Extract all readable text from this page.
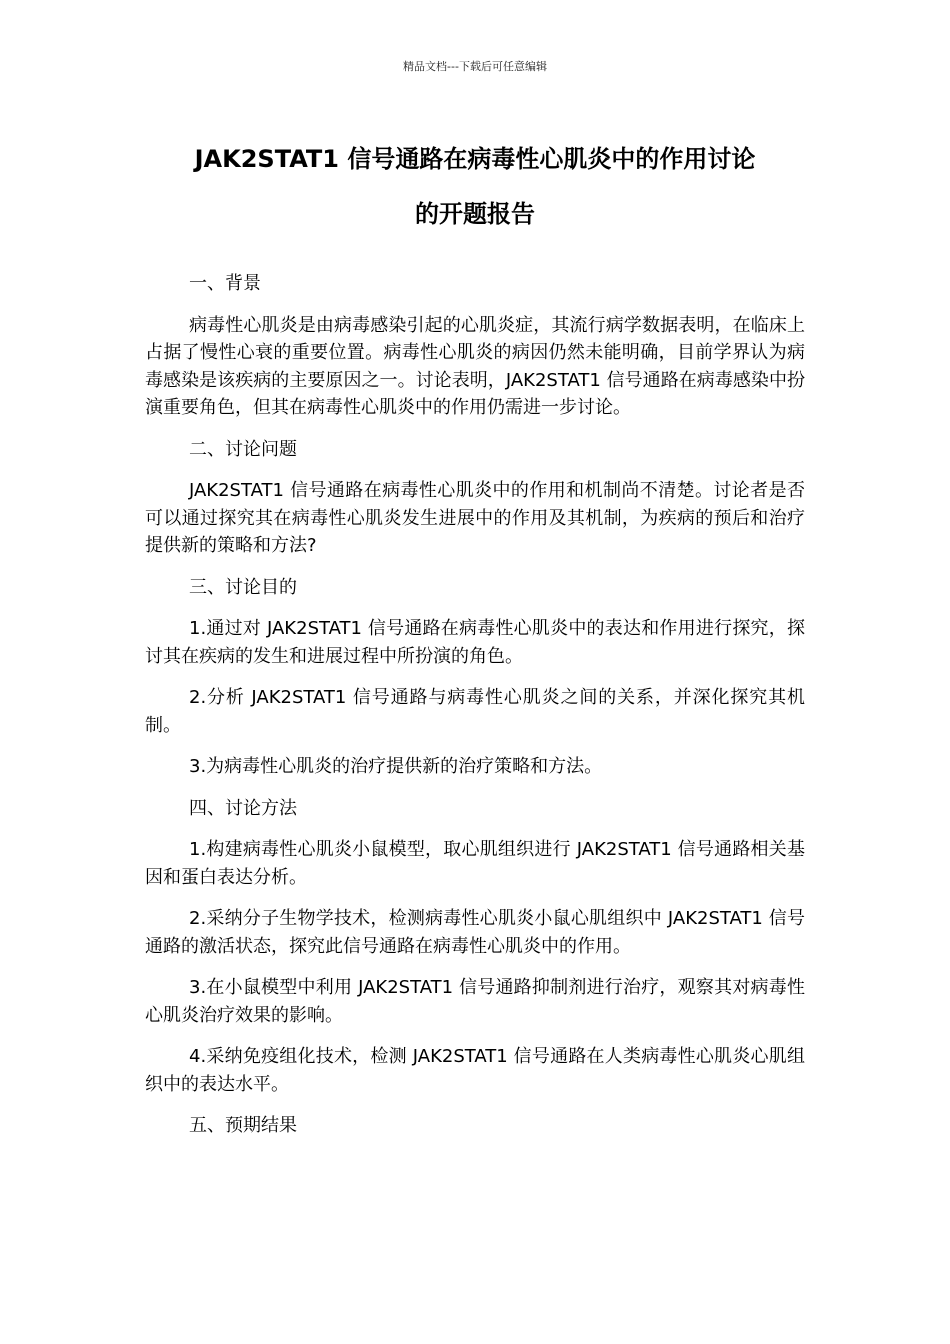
精品文档---下载后可任意编辑
JAK2STAT1 信号通路在病毒性心肌炎中的作用讨论
的开题报告

一、背景

病毒性心肌炎是由病毒感染引起的心肌炎症，其流行病学数据表明，在临床上占据了慢性心衰的重要位置。病毒性心肌炎的病因仍然未能明确，目前学界认为病毒感染是该疾病的主要原因之一。讨论表明，JAK2STAT1 信号通路在病毒感染中扮演重要角色，但其在病毒性心肌炎中的作用仍需进一步讨论。

二、讨论问题

JAK2STAT1 信号通路在病毒性心肌炎中的作用和机制尚不清楚。讨论者是否可以通过探究其在病毒性心肌炎发生进展中的作用及其机制，为疾病的预后和治疗提供新的策略和方法?

三、讨论目的

1.通过对 JAK2STAT1 信号通路在病毒性心肌炎中的表达和作用进行探究，探讨其在疾病的发生和进展过程中所扮演的角色。

2.分析 JAK2STAT1 信号通路与病毒性心肌炎之间的关系，并深化探究其机制。

3.为病毒性心肌炎的治疗提供新的治疗策略和方法。

四、讨论方法

1.构建病毒性心肌炎小鼠模型，取心肌组织进行 JAK2STAT1 信号通路相关基因和蛋白表达分析。

2.采纳分子生物学技术，检测病毒性心肌炎小鼠心肌组织中 JAK2STAT1 信号通路的激活状态，探究此信号通路在病毒性心肌炎中的作用。

3.在小鼠模型中利用 JAK2STAT1 信号通路抑制剂进行治疗，观察其对病毒性心肌炎治疗效果的影响。

4.采纳免疫组化技术，检测 JAK2STAT1 信号通路在人类病毒性心肌炎心肌组织中的表达水平。

五、预期结果
